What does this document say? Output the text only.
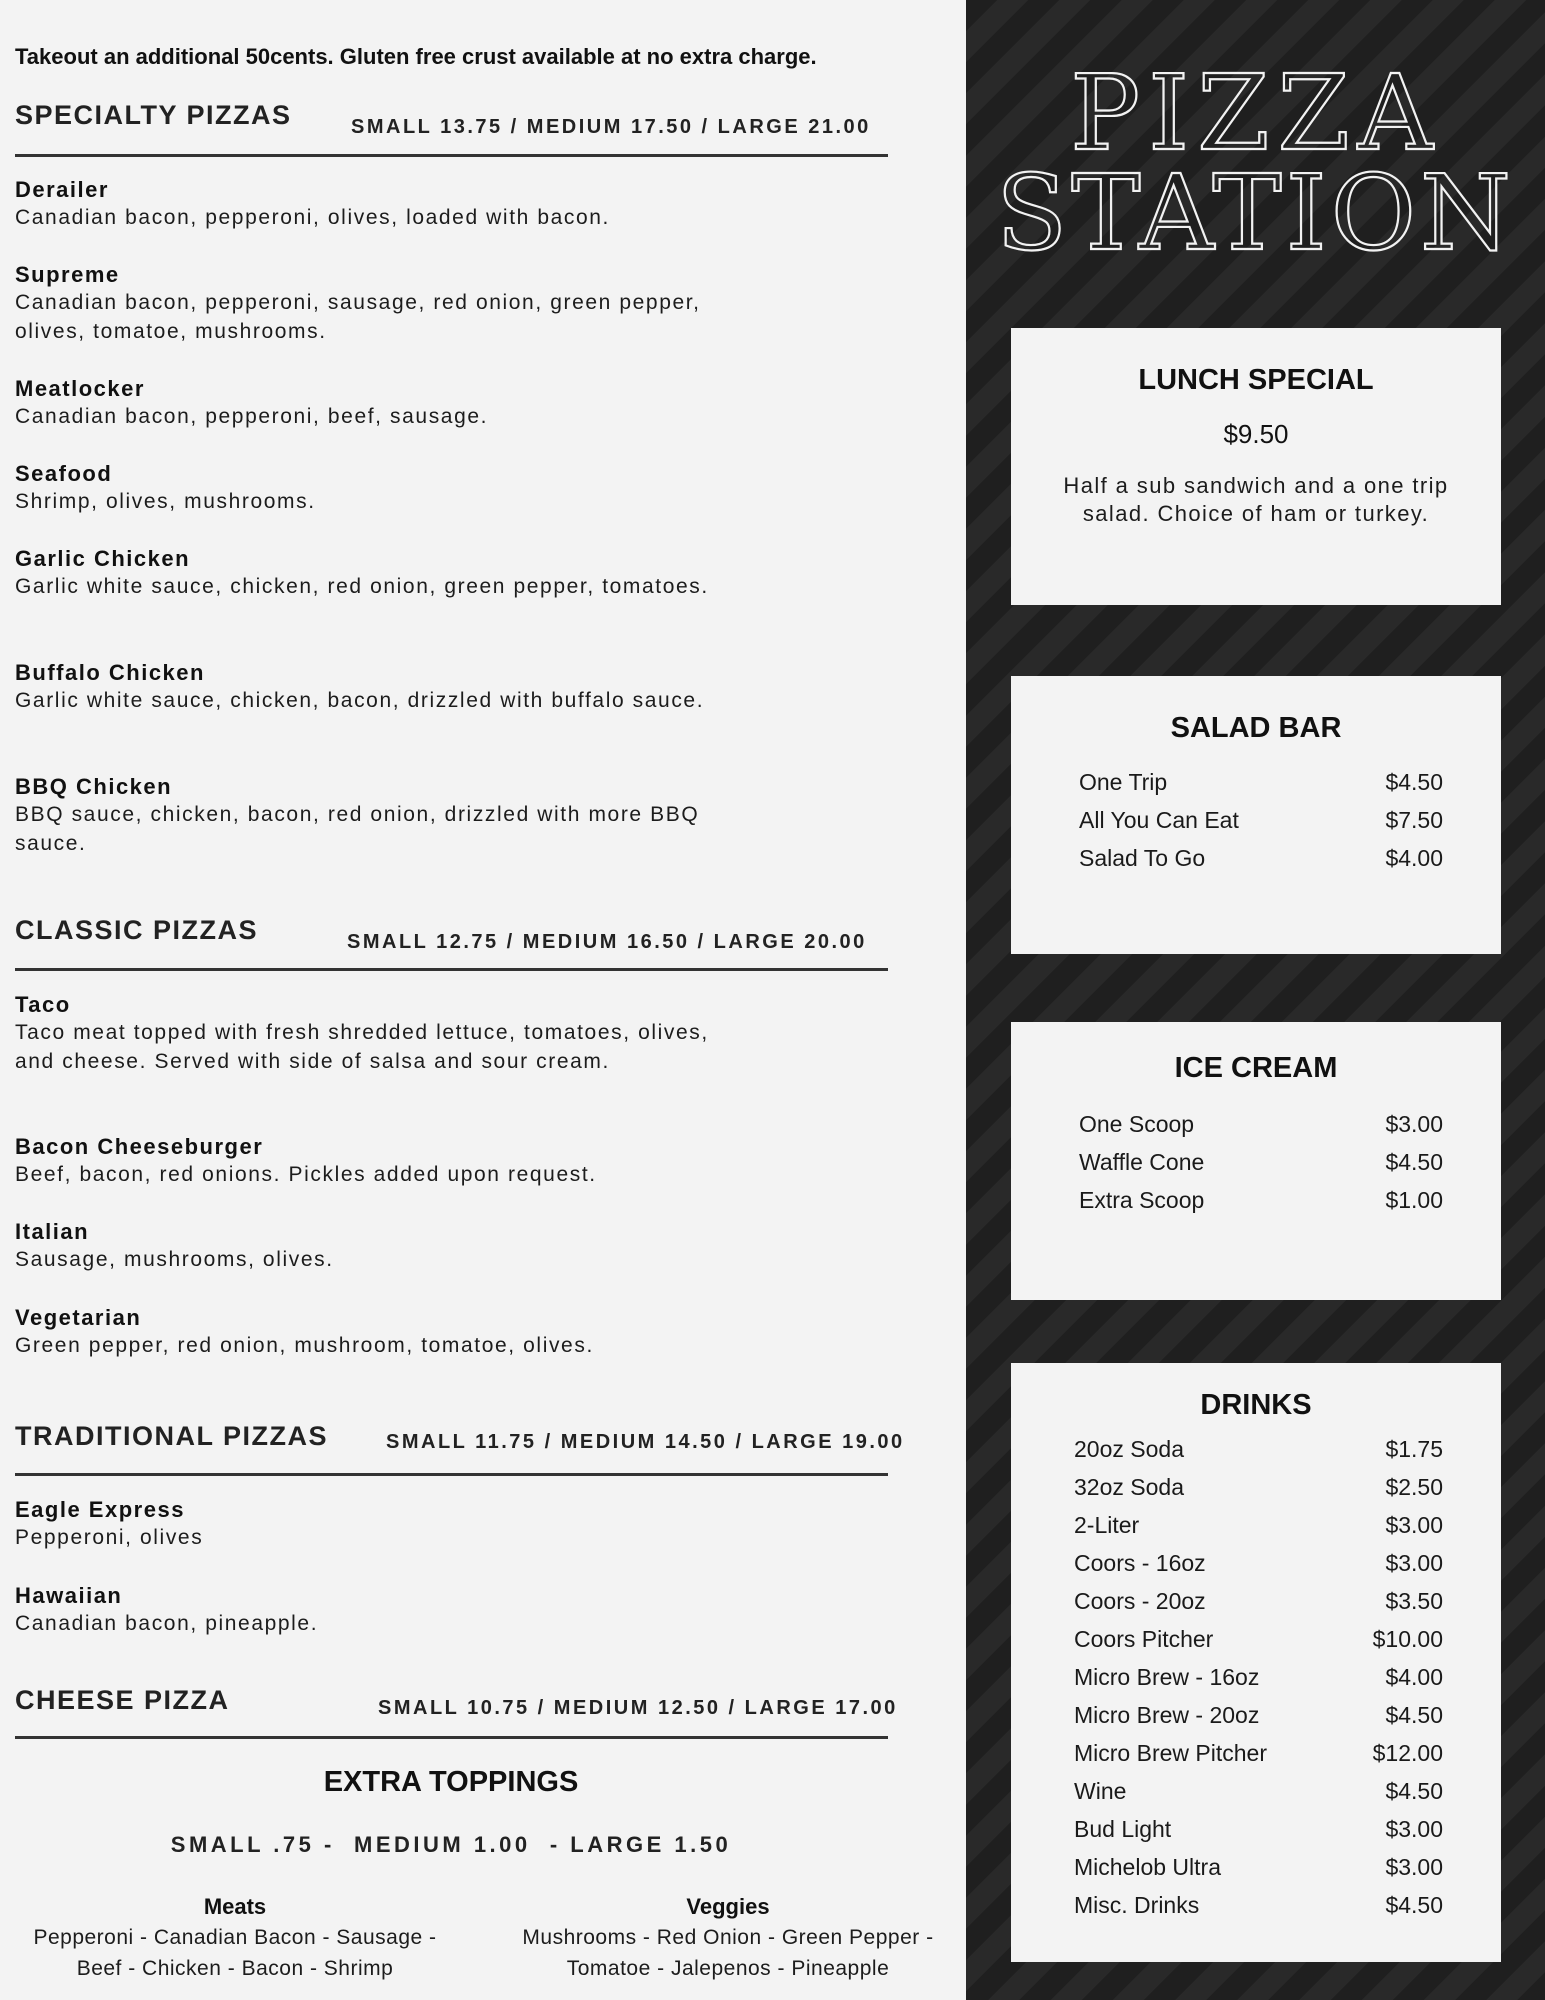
Takeout an additional 50cents. Gluten free crust available at no extra charge.
SPECIALTY PIZZAS	SMALL 13.75 / MEDIUM 17.50 / LARGE 21.00
Derailer
Canadian bacon, pepperoni, olives, loaded with bacon.
Supreme
Canadian bacon, pepperoni, sausage, red onion, green pepper, olives, tomatoe, mushrooms.
Meatlocker
Canadian bacon, pepperoni, beef, sausage.
Seafood
Shrimp, olives, mushrooms.
Garlic Chicken
Garlic white sauce, chicken, red onion, green pepper, tomatoes.
Buffalo Chicken
Garlic white sauce, chicken, bacon, drizzled with buffalo sauce.
BBQ Chicken
BBQ sauce, chicken, bacon, red onion, drizzled with more BBQ sauce.
CLASSIC PIZZAS	SMALL 12.75 / MEDIUM 16.50 / LARGE 20.00
Taco
Taco meat topped with fresh shredded lettuce, tomatoes, olives, and cheese. Served with side of salsa and sour cream.
Bacon Cheeseburger
Beef, bacon, red onions. Pickles added upon request.
Italian
Sausage, mushrooms, olives.
Vegetarian
Green pepper, red onion, mushroom, tomatoe, olives.
TRADITIONAL PIZZAS	SMALL 11.75 / MEDIUM 14.50 / LARGE 19.00
Eagle Express
Pepperoni, olives
Hawaiian
Canadian bacon, pineapple.
CHEESE PIZZA	SMALL 10.75 / MEDIUM 12.50 / LARGE 17.00
EXTRA TOPPINGS
SMALL .75 -  MEDIUM 1.00  - LARGE 1.50
Meats

Pepperoni - Canadian Bacon - Sausage -

Beef - Chicken - Bacon - Shrimp

Veggies

Mushrooms - Red Onion - Green Pepper -

Tomatoe - Jalepenos - Pineapple

PIZZA
STATION
LUNCH SPECIAL
$9.50
Half a sub sandwich and a one trip salad. Choice of ham or turkey.
SALAD BAR
One Trip	$4.50
All You Can Eat	$7.50
Salad To Go	$4.00
ICE CREAM
One Scoop	$3.00
Waffle Cone	$4.50
Extra Scoop	$1.00
DRINKS
20oz Soda	$1.75
32oz Soda	$2.50
2-Liter	$3.00
Coors - 16oz	$3.00
Coors - 20oz	$3.50
Coors Pitcher	$10.00
Micro Brew - 16oz	$4.00
Micro Brew - 20oz	$4.50
Micro Brew Pitcher	$12.00
Wine	$4.50
Bud Light	$3.00
Michelob Ultra	$3.00
Misc. Drinks	$4.50
